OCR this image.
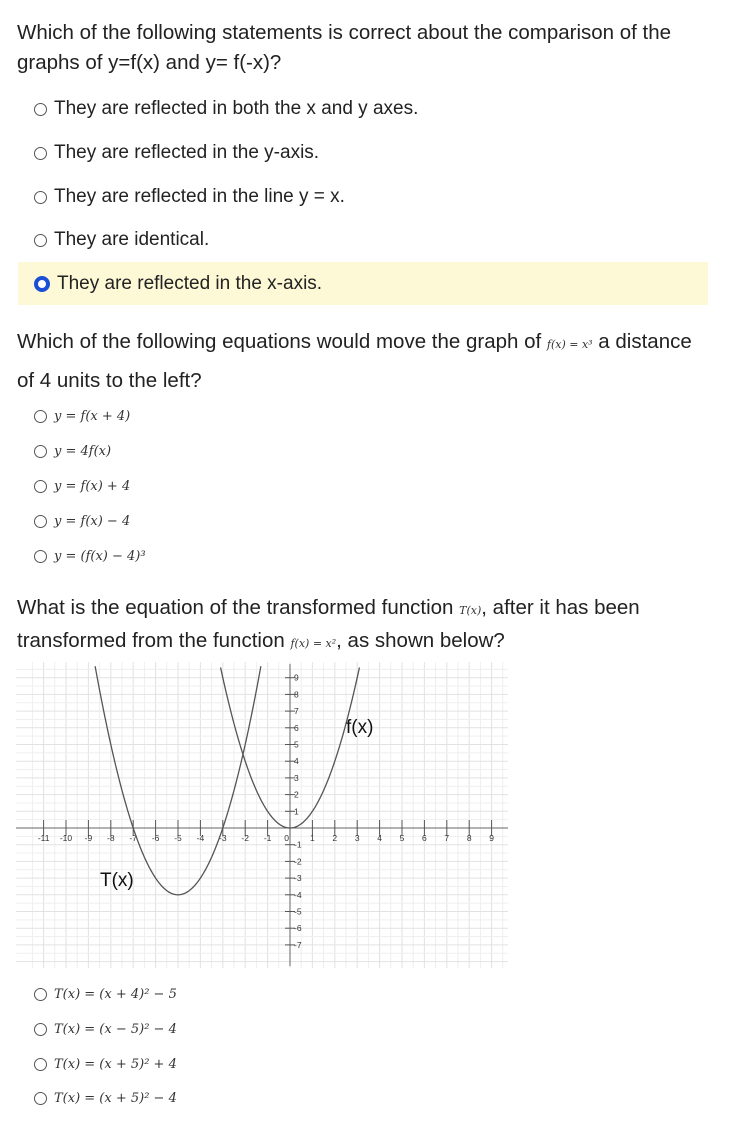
Which of the following statements is correct about the comparison of the graphs of y=f(x) and y= f(-x)?
They are reflected in both the x and y axes.
They are reflected in the y-axis.
They are reflected in the line y = x.
They are identical.
They are reflected in the x-axis.
Which of the following equations would move the graph of f(x) = x³ a distance of 4 units to the left?
y = f(x + 4)
y = 4f(x)
y = f(x) + 4
y = f(x) − 4
y = (f(x) − 4)³
What is the equation of the transformed function T(x), after it has been transformed from the function f(x) = x², as shown below?
-11 -10 -9 -8 -7 -6 -5 -4 -3 -2 -1	1 2 3 4 5 6 7 8 9
0
9
8
7
6
5
4
3
2
1
-1
-2
-3
-4
-5
-6
-7
f(x)
T(x)
T(x) = (x + 4)² − 5
T(x) = (x − 5)² − 4
T(x) = (x + 5)² + 4
T(x) = (x + 5)² − 4
